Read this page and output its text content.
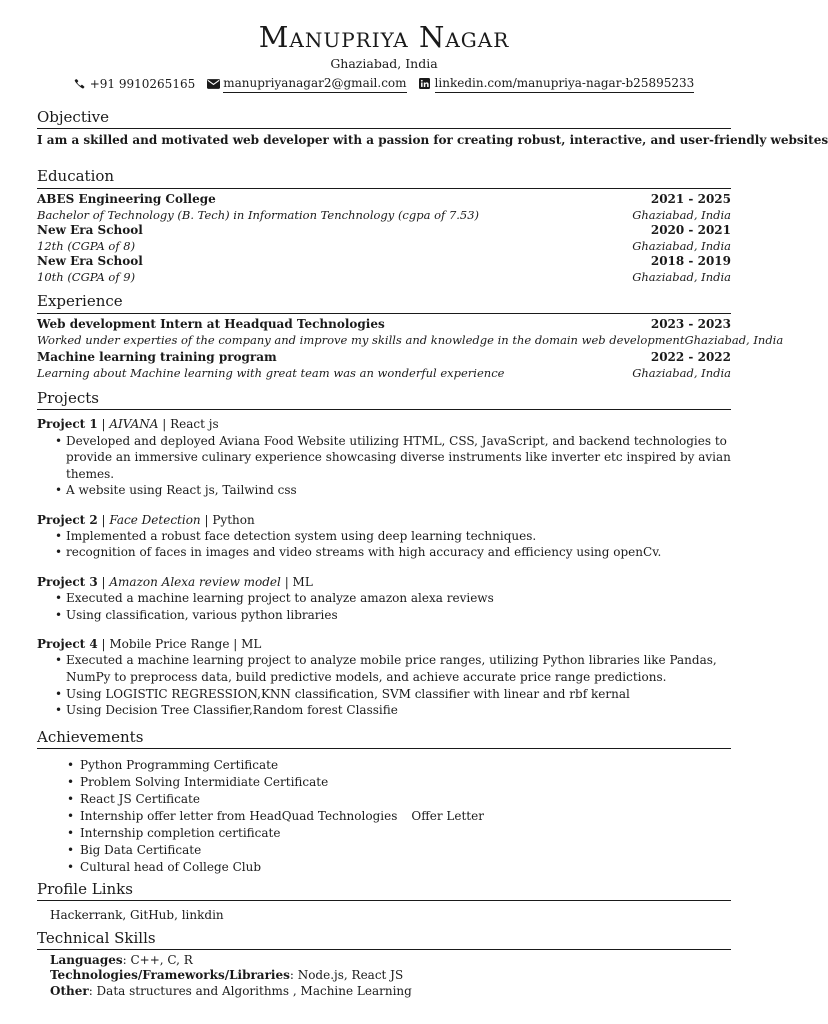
Manupriya Nagar
Ghaziabad, India
+91 9910265165 manupriyanagar2@gmail.com linkedin.com/manupriya-nagar-b25895233
Objective
I am a skilled and motivated web developer with a passion for creating robust, interactive, and user-friendly websites
Education
ABES Engineering College	2021 - 2025
Bachelor of Technology (B. Tech) in Information Tenchnology (cgpa of 7.53)	Ghaziabad, India
New Era School	2020 - 2021
12th (CGPA of 8)	Ghaziabad, India
New Era School	2018 - 2019
10th (CGPA of 9)	Ghaziabad, India
Experience
Web development Intern at Headquad Technologies	2023 - 2023
Worked under experties of the company and improve my skills and knowledge in the domain web development Ghaziabad, India
Machine learning training program	2022 - 2022
Learning about Machine learning with great team was an wonderful experience	Ghaziabad, India
Projects
Project 1 | AIVANA | React js
• Developed and deployed Aviana Food Website utilizing HTML, CSS, JavaScript, and backend technologies to provide an immersive culinary experience showcasing diverse instruments like inverter etc inspired by avian themes.
• A website using React js, Tailwind css
Project 2 | Face Detection | Python
• Implemented a robust face detection system using deep learning techniques.
• recognition of faces in images and video streams with high accuracy and efficiency using openCv.
Project 3 | Amazon Alexa review model | ML
• Executed a machine learning project to analyze amazon alexa reviews
• Using classification, various python libraries
Project 4 | Mobile Price Range | ML
• Executed a machine learning project to analyze mobile price ranges, utilizing Python libraries like Pandas, NumPy to preprocess data, build predictive models, and achieve accurate price range predictions.
• Using LOGISTIC REGRESSION,KNN classification, SVM classifier with linear and rbf kernal
• Using Decision Tree Classifier,Random forest Classifie
Achievements
• Python Programming Certificate
• Problem Solving Intermidiate Certificate
• React JS Certificate
• Internship offer letter from HeadQuad Technologies Offer Letter
• Internship completion certificate
• Big Data Certificate
• Cultural head of College Club
Profile Links
Hackerrank, GitHub, linkdin
Technical Skills
Languages: C++, C, R
Technologies/Frameworks/Libraries: Node.js, React JS
Other: Data structures and Algorithms , Machine Learning
